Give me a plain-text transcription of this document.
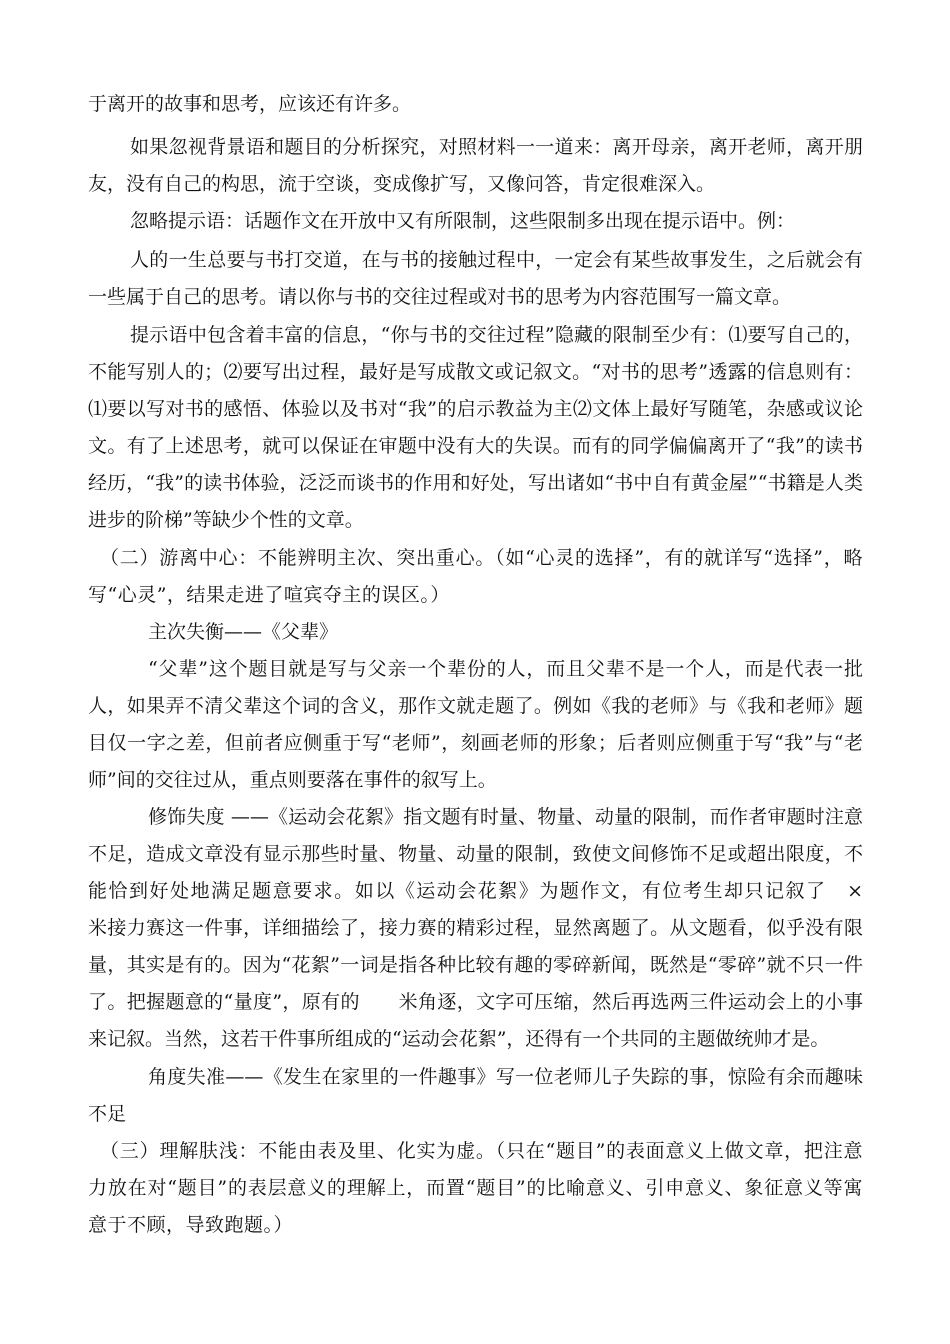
于离开的故事和思考，应该还有许多。

如果忽视背景语和题目的分析探究，对照材料一一道来：离开母亲，离开老师，离开朋友，没有自己的构思，流于空谈，变成像扩写，又像问答，肯定很难深入。

忽略提示语：话题作文在开放中又有所限制，这些限制多出现在提示语中。例：

人的一生总要与书打交道，在与书的接触过程中，一定会有某些故事发生，之后就会有一些属于自己的思考。请以你与书的交往过程或对书的思考为内容范围写一篇文章。

提示语中包含着丰富的信息，“你与书的交往过程”隐藏的限制至少有：⑴要写自己的，不能写别人的；⑵要写出过程，最好是写成散文或记叙文。“对书的思考”透露的信息则有：⑴要以写对书的感悟、体验以及书对“我”的启示教益为主⑵文体上最好写随笔，杂感或议论文。有了上述思考，就可以保证在审题中没有大的失误。而有的同学偏偏离开了“我”的读书经历，“我”的读书体验，泛泛而谈书的作用和好处，写出诸如“书中自有黄金屋”“书籍是人类进步的阶梯”等缺少个性的文章。

（二）游离中心：不能辨明主次、突出重心。（如“心灵的选择”，有的就详写“选择”，略写“心灵”，结果走进了喧宾夺主的误区。）

主次失衡——《父辈》

“父辈”这个题目就是写与父亲一个辈份的人，而且父辈不是一个人，而是代表一批人，如果弄不清父辈这个词的含义，那作文就走题了。例如《我的老师》与《我和老师》题目仅一字之差，但前者应侧重于写“老师”，刻画老师的形象；后者则应侧重于写“我”与“老师”间的交往过从，重点则要落在事件的叙写上。

修饰失度 ——《运动会花絮》指文题有时量、物量、动量的限制，而作者审题时注意不足，造成文章没有显示那些时量、物量、动量的限制，致使文间修饰不足或超出限度，不能恰到好处地满足题意要求。如以《运动会花絮》为题作文，有位考生却只记叙了　×　　米接力赛这一件事，详细描绘了，接力赛的精彩过程，显然离题了。从文题看，似乎没有限量，其实是有的。因为“花絮”一词是指各种比较有趣的零碎新闻，既然是“零碎”就不只一件了。把握题意的“量度”，原有的　　米角逐，文字可压缩，然后再选两三件运动会上的小事来记叙。当然，这若干件事所组成的“运动会花絮”，还得有一个共同的主题做统帅才是。

角度失准——《发生在家里的一件趣事》写一位老师儿子失踪的事，惊险有余而趣味不足

（三）理解肤浅：不能由表及里、化实为虚。（只在“题目”的表面意义上做文章，把注意力放在对“题目”的表层意义的理解上，而置“题目”的比喻意义、引申意义、象征意义等寓意于不顾，导致跑题。）
